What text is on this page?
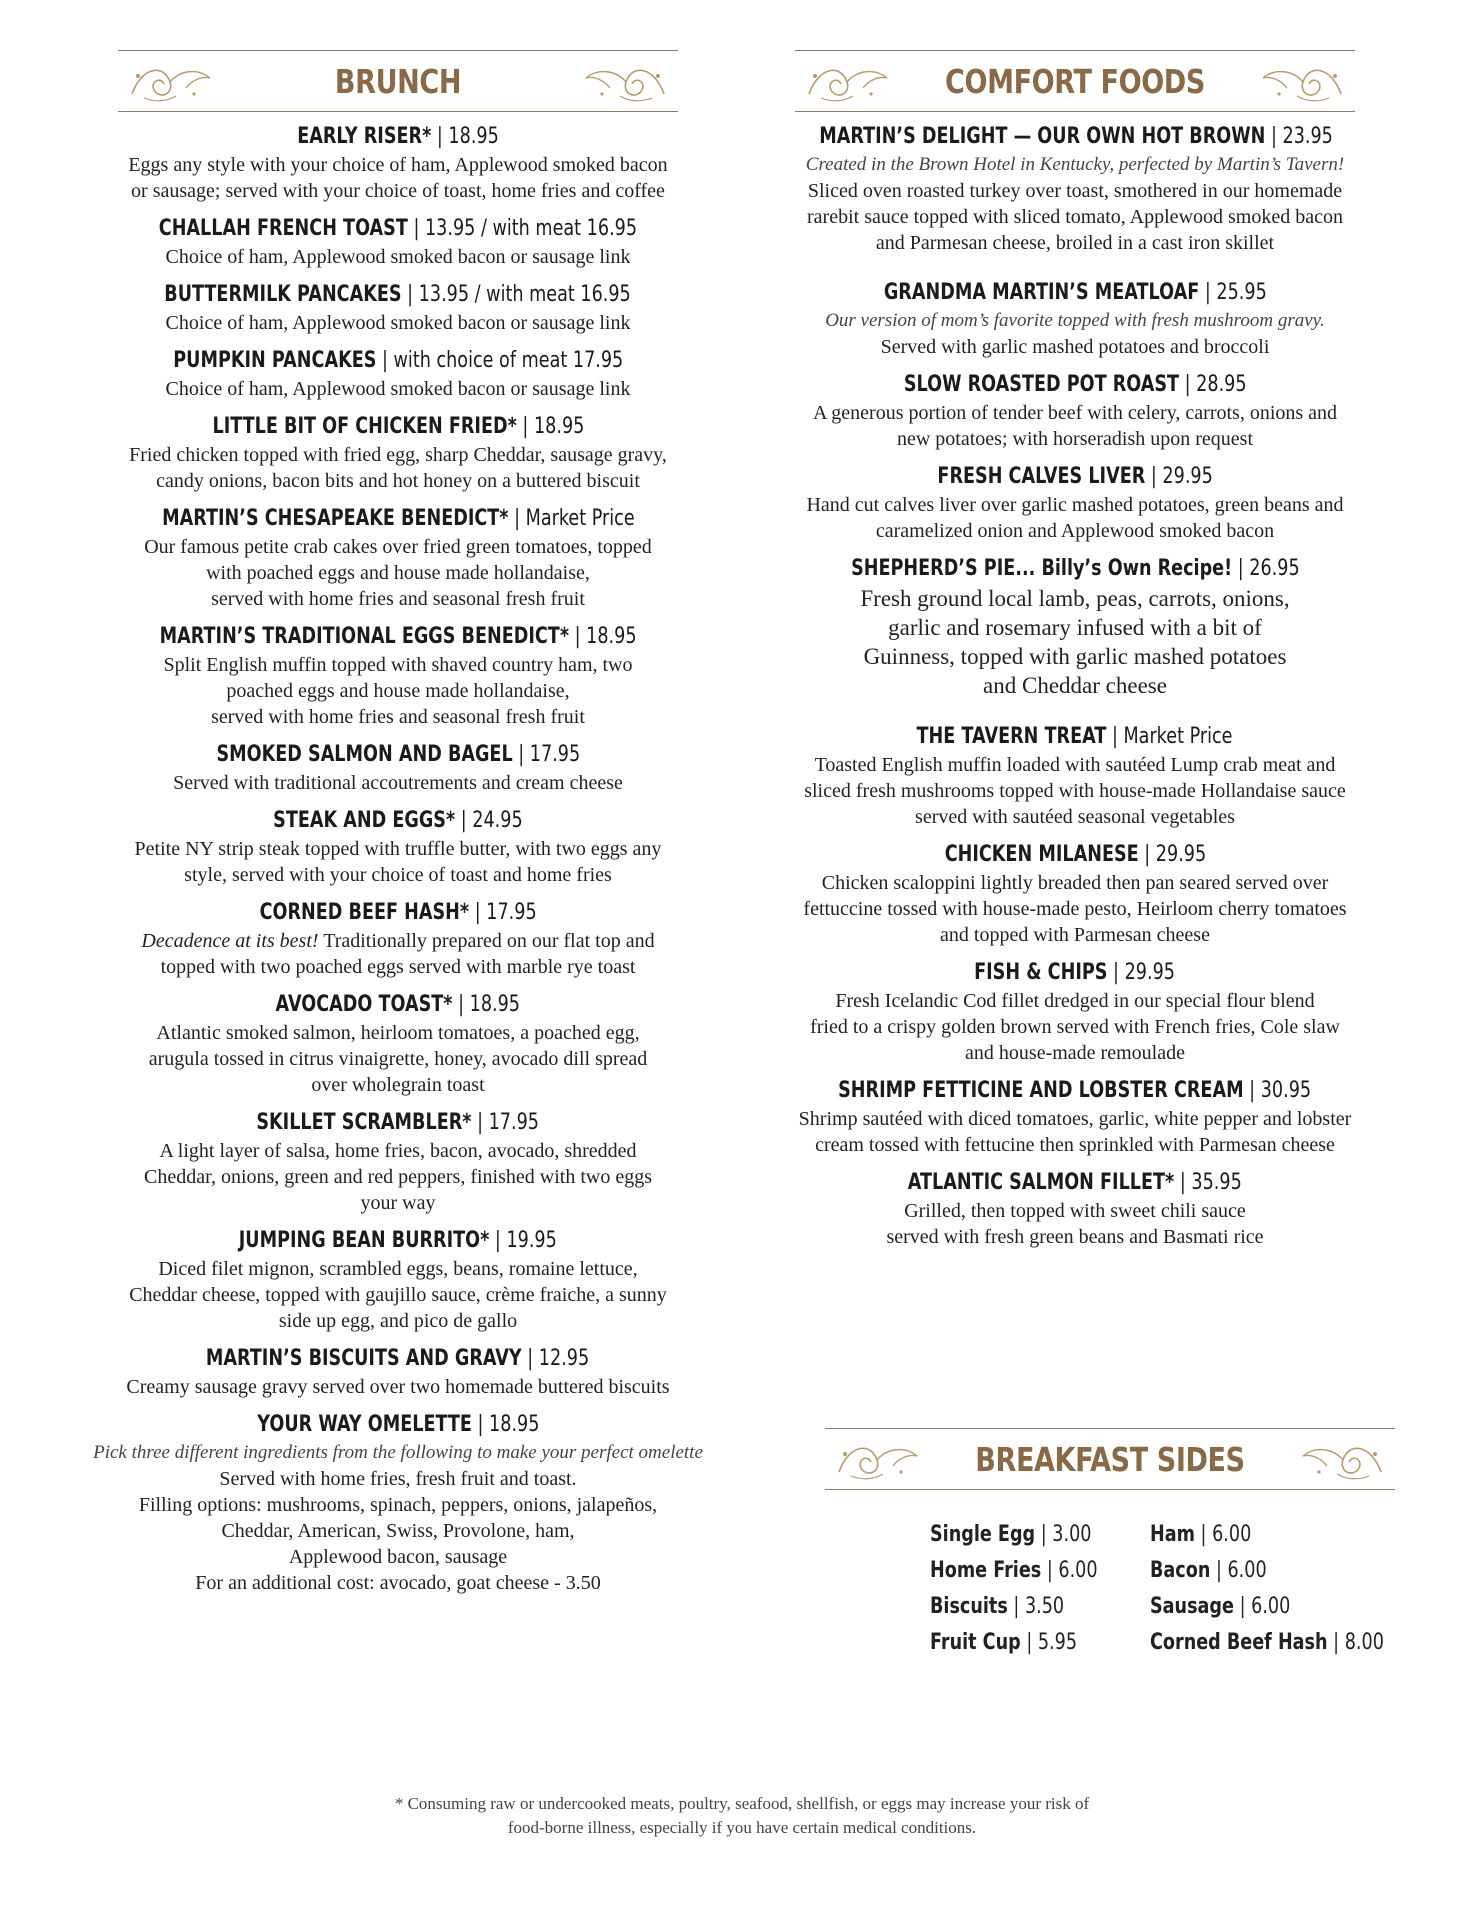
BRUNCH
EARLY RISER* | 18.95
Eggs any style with your choice of ham, Applewood smoked bacon
or sausage; served with your choice of toast, home fries and coffee
CHALLAH FRENCH TOAST | 13.95 / with meat 16.95
Choice of ham, Applewood smoked bacon or sausage link
BUTTERMILK PANCAKES | 13.95 / with meat 16.95
Choice of ham, Applewood smoked bacon or sausage link
PUMPKIN PANCAKES | with choice of meat 17.95
Choice of ham, Applewood smoked bacon or sausage link
LITTLE BIT OF CHICKEN FRIED* | 18.95
Fried chicken topped with fried egg, sharp Cheddar, sausage gravy,
candy onions, bacon bits and hot honey on a buttered biscuit
MARTIN’S CHESAPEAKE BENEDICT* | Market Price
Our famous petite crab cakes over fried green tomatoes, topped
with poached eggs and house made hollandaise,
served with home fries and seasonal fresh fruit
MARTIN’S TRADITIONAL EGGS BENEDICT* | 18.95
Split English muffin topped with shaved country ham, two
poached eggs and house made hollandaise,
served with home fries and seasonal fresh fruit
SMOKED SALMON AND BAGEL | 17.95
Served with traditional accoutrements and cream cheese
STEAK AND EGGS* | 24.95
Petite NY strip steak topped with truffle butter, with two eggs any
style, served with your choice of toast and home fries
CORNED BEEF HASH* | 17.95
Decadence at its best! Traditionally prepared on our flat top and
topped with two poached eggs served with marble rye toast
AVOCADO TOAST* | 18.95
Atlantic smoked salmon, heirloom tomatoes, a poached egg,
arugula tossed in citrus vinaigrette, honey, avocado dill spread
over wholegrain toast
SKILLET SCRAMBLER* | 17.95
A light layer of salsa, home fries, bacon, avocado, shredded
Cheddar, onions, green and red peppers, finished with two eggs
your way
JUMPING BEAN BURRITO* | 19.95
Diced filet mignon, scrambled eggs, beans, romaine lettuce,
Cheddar cheese, topped with gaujillo sauce, crème fraiche, a sunny
side up egg, and pico de gallo
MARTIN’S BISCUITS AND GRAVY | 12.95
Creamy sausage gravy served over two homemade buttered biscuits
YOUR WAY OMELETTE | 18.95
Pick three different ingredients from the following to make your perfect omelette
Served with home fries, fresh fruit and toast.
Filling options: mushrooms, spinach, peppers, onions, jalapeños,
Cheddar, American, Swiss, Provolone, ham,
Applewood bacon, sausage
For an additional cost: avocado, goat cheese - 3.50
COMFORT FOODS
MARTIN’S DELIGHT — OUR OWN HOT BROWN | 23.95
Created in the Brown Hotel in Kentucky, perfected by Martin’s Tavern!
Sliced oven roasted turkey over toast, smothered in our homemade
rarebit sauce topped with sliced tomato, Applewood smoked bacon
and Parmesan cheese, broiled in a cast iron skillet
GRANDMA MARTIN’S MEATLOAF | 25.95
Our version of mom’s favorite topped with fresh mushroom gravy.
Served with garlic mashed potatoes and broccoli
SLOW ROASTED POT ROAST | 28.95
A generous portion of tender beef with celery, carrots, onions and
new potatoes; with horseradish upon request
FRESH CALVES LIVER | 29.95
Hand cut calves liver over garlic mashed potatoes, green beans and
caramelized onion and Applewood smoked bacon
SHEPHERD’S PIE... Billy’s Own Recipe! | 26.95
Fresh ground local lamb, peas, carrots, onions,
garlic and rosemary infused with a bit of
Guinness, topped with garlic mashed potatoes
and Cheddar cheese
THE TAVERN TREAT | Market Price
Toasted English muffin loaded with sautéed Lump crab meat and
sliced fresh mushrooms topped with house-made Hollandaise sauce
served with sautéed seasonal vegetables
CHICKEN MILANESE | 29.95
Chicken scaloppini lightly breaded then pan seared served over
fettuccine tossed with house-made pesto, Heirloom cherry tomatoes
and topped with Parmesan cheese
FISH & CHIPS | 29.95
Fresh Icelandic Cod fillet dredged in our special flour blend
fried to a crispy golden brown served with French fries, Cole slaw
and house-made remoulade
SHRIMP FETTICINE AND LOBSTER CREAM | 30.95
Shrimp sautéed with diced tomatoes, garlic, white pepper and lobster
cream tossed with fettucine then sprinkled with Parmesan cheese
ATLANTIC SALMON FILLET* | 35.95
Grilled, then topped with sweet chili sauce
served with fresh green beans and Basmati rice
BREAKFAST SIDES
Single Egg | 3.00
Home Fries | 6.00
Biscuits | 3.50
Fruit Cup | 5.95
Ham | 6.00
Bacon | 6.00
Sausage | 6.00
Corned Beef Hash | 8.00
* Consuming raw or undercooked meats, poultry, seafood, shellfish, or eggs may increase your risk of
food-borne illness, especially if you have certain medical conditions.
